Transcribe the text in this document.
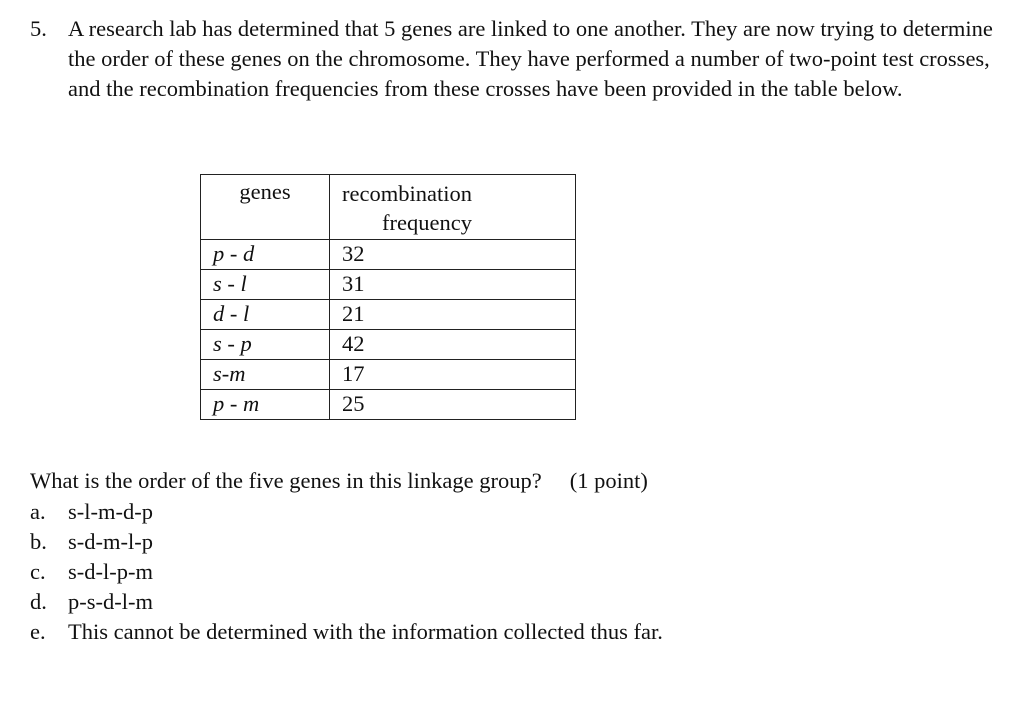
5. A research lab has determined that 5 genes are linked to one another. They are now trying to determine the order of these genes on the chromosome. They have performed a number of two-point test crosses, and the recombination frequencies from these crosses have been provided in the table below.
genes	recombination
frequency

p - d	32
s - l	31
d - l	21
s - p	42
s-m	17
p - m	25
What is the order of the five genes in this linkage group? (1 point)
a. s-l-m-d-p
b. s-d-m-l-p
c. s-d-l-p-m
d. p-s-d-l-m
e. This cannot be determined with the information collected thus far.
